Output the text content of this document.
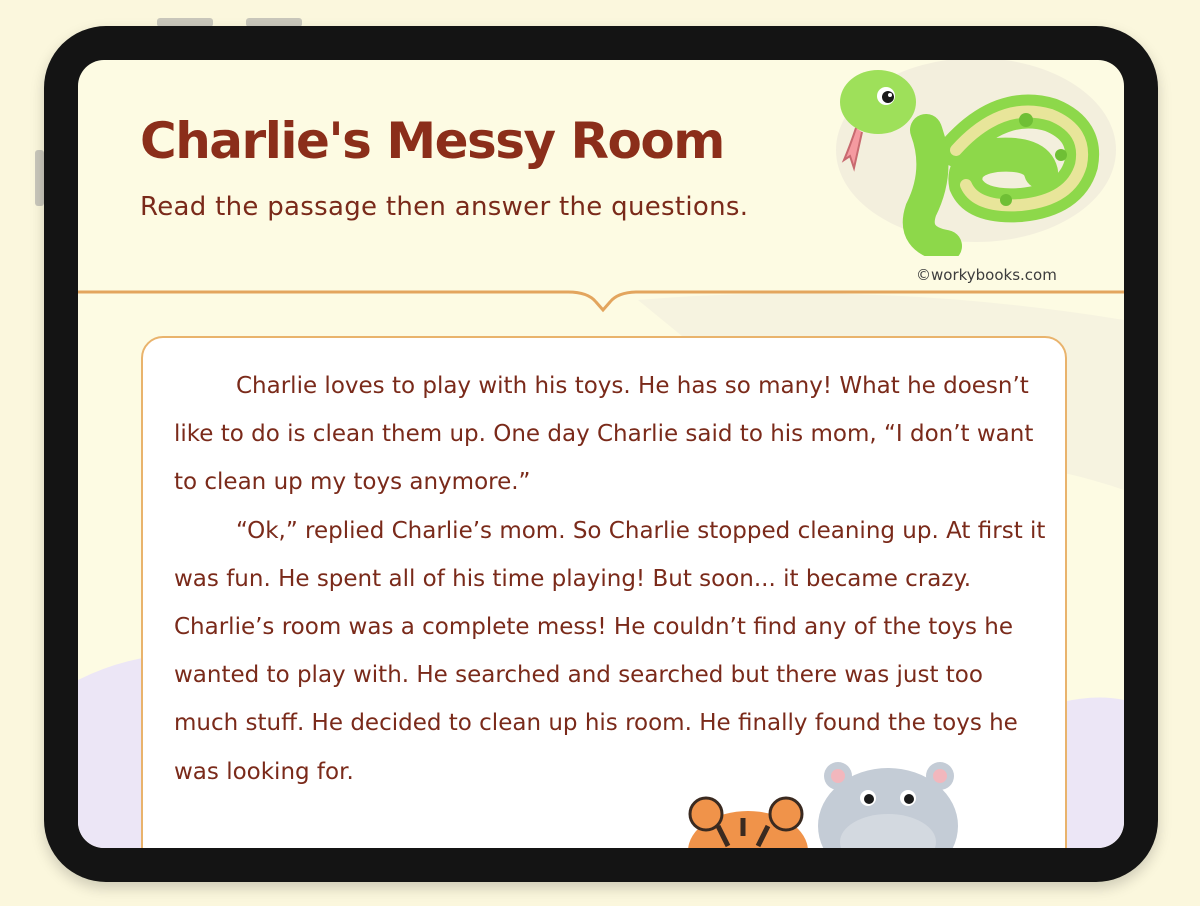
Charlie's Messy Room
Read the passage then answer the questions.
©workybooks.com

Charlie loves to play with his toys. He has so many! What he doesn’t like to do is clean them up. One day Charlie said to his mom, “I don’t want to clean up my toys anymore.”

“Ok,” replied Charlie’s mom. So Charlie stopped cleaning up. At first it was fun. He spent all of his time playing! But soon... it became crazy. Charlie’s room was a complete mess! He couldn’t find any of the toys he wanted to play with. He searched and searched but there was just too much stuff. He decided to clean up his room. He finally found the toys he was looking for.
